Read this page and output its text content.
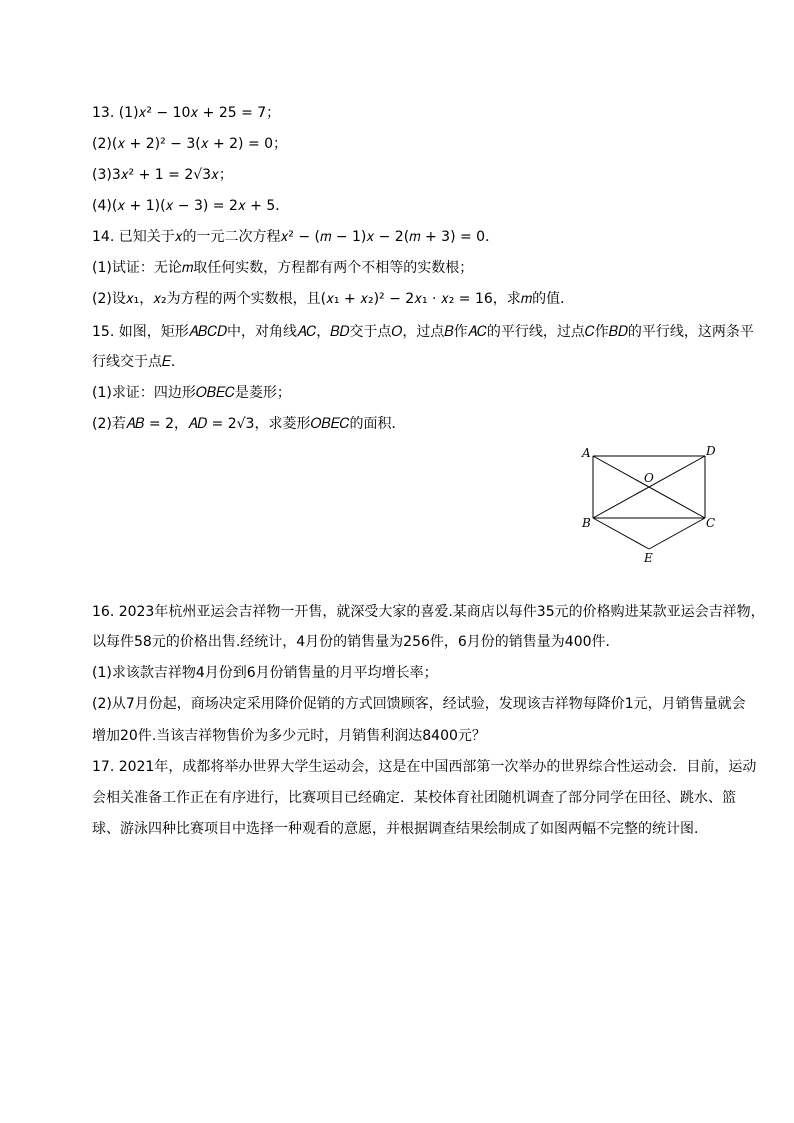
13. (1)𝑥² − 10𝑥 + 25 = 7；
(2)(𝑥 + 2)² − 3(𝑥 + 2) = 0；
(3)3𝑥² + 1 = 2√3𝑥；
(4)(𝑥 + 1)(𝑥 − 3) = 2𝑥 + 5．
14. 已知关于𝑥的一元二次方程𝑥² − (𝑚 − 1)𝑥 − 2(𝑚 + 3) = 0．
(1)试证：无论𝑚取任何实数，方程都有两个不相等的实数根；
(2)设𝑥₁，𝑥₂为方程的两个实数根，且(𝑥₁ + 𝑥₂)² − 2𝑥₁ · 𝑥₂ = 16，求𝑚的值．
15. 如图，矩形𝐴𝐵𝐶𝐷中，对角线𝐴𝐶，𝐵𝐷交于点𝑂，过点𝐵作𝐴𝐶的平行线，过点𝐶作𝐵𝐷的平行线，这两条平
行线交于点𝐸．
(1)求证：四边形𝑂𝐵𝐸𝐶是菱形；
(2)若𝐴𝐵 = 2，𝐴𝐷 = 2√3，求菱形𝑂𝐵𝐸𝐶的面积．
A	D
O
B	C
E
16. 2023年杭州亚运会吉祥物一开售，就深受大家的喜爱.某商店以每件35元的价格购进某款亚运会吉祥物，
以每件58元的价格出售.经统计，4月份的销售量为256件，6月份的销售量为400件．
(1)求该款吉祥物4月份到6月份销售量的月平均增长率；
(2)从7月份起，商场决定采用降价促销的方式回馈顾客，经试验，发现该吉祥物每降价1元，月销售量就会
增加20件.当该吉祥物售价为多少元时，月销售利润达8400元？
17. 2021年，成都将举办世界大学生运动会，这是在中国西部第一次举办的世界综合性运动会．目前，运动
会相关准备工作正在有序进行，比赛项目已经确定．某校体育社团随机调查了部分同学在田径、跳水、篮
球、游泳四种比赛项目中选择一种观看的意愿，并根据调查结果绘制成了如图两幅不完整的统计图．
